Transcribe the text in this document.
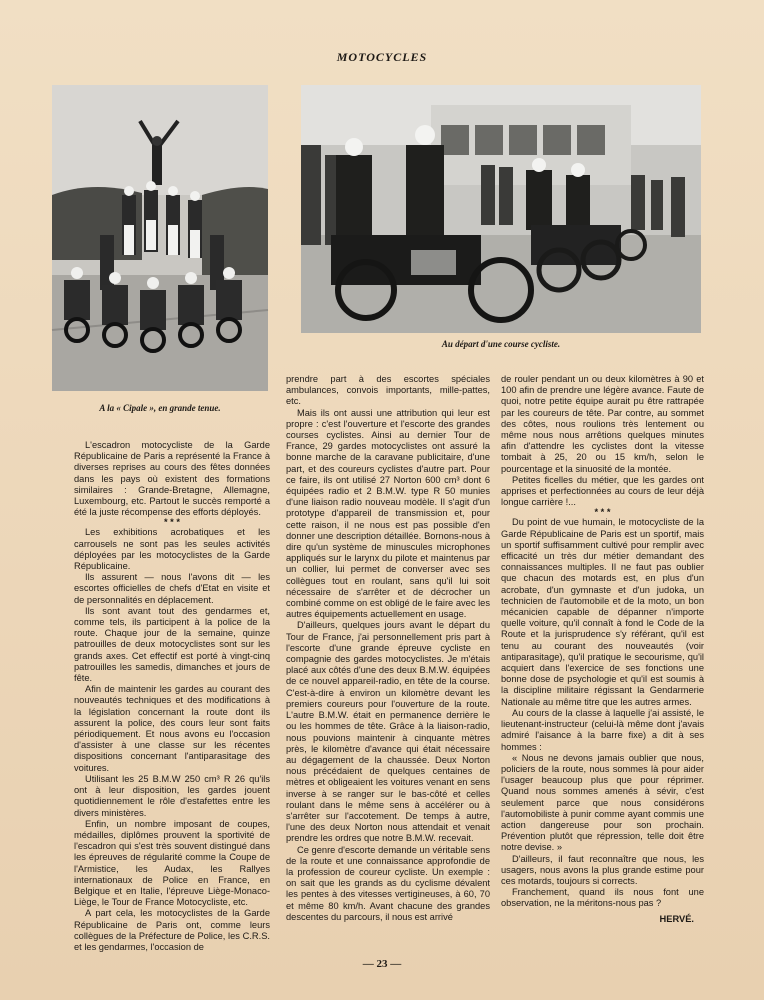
MOTOCYCLES
A la « Cipale », en grande tenue.
Au départ d'une course cycliste.

L'escadron motocycliste de la Garde Républicaine de Paris a représenté la France à diverses reprises au cours des fêtes données dans les pays où existent des formations similaires : Grande-Bretagne, Allemagne, Luxembourg, etc. Partout le succès remporté a été la juste récompense des efforts déployés.

* * *

Les exhibitions acrobatiques et les carrousels ne sont pas les seules activités déployées par les motocyclistes de la Garde Républicaine.

Ils assurent — nous l'avons dit — les escortes officielles de chefs d'Etat en visite et de personnalités en déplacement.

Ils sont avant tout des gendarmes et, comme tels, ils participent à la police de la route. Chaque jour de la semaine, quinze patrouilles de deux motocyclistes sont sur les grands axes. Cet effectif est porté à vingt-cinq patrouilles les samedis, dimanches et jours de fête.

Afin de maintenir les gardes au courant des nouveautés techniques et des modifications à la législation concernant la route dont ils assurent la police, des cours leur sont faits périodiquement. Et nous avons eu l'occasion d'assister à une classe sur les récentes dispositions concernant l'antiparasitage des voitures.

Utilisant les 25 B.M.W 250 cm³ R 26 qu'ils ont à leur disposition, les gardes jouent quotidiennement le rôle d'estafettes entre les divers ministères.

Enfin, un nombre imposant de coupes, médailles, diplômes prouvent la sportivité de l'escadron qui s'est très souvent distingué dans les épreuves de régularité comme la Coupe de l'Armistice, les Audax, les Rallyes internationaux de Police en France, en Belgique et en Italie, l'épreuve Liège-Monaco-Liège, le Tour de France Motocycliste, etc.

A part cela, les motocyclistes de la Garde Républicaine de Paris ont, comme leurs collègues de la Préfecture de Police, les C.R.S. et les gendarmes, l'occasion de

prendre part à des escortes spéciales ambulances, convois importants, mille-pattes, etc.

Mais ils ont aussi une attribution qui leur est propre : c'est l'ouverture et l'escorte des grandes courses cyclistes. Ainsi au dernier Tour de France, 29 gardes motocyclistes ont assuré la bonne marche de la caravane publicitaire, d'une part, et des coureurs cyclistes d'autre part. Pour ce faire, ils ont utilisé 27 Norton 600 cm³ dont 6 équipées radio et 2 B.M.W. type R 50 munies d'une liaison radio nouveau modèle. Il s'agit d'un prototype d'appareil de transmission et, pour cette raison, il ne nous est pas possible d'en donner une description détaillée. Bornons-nous à dire qu'un système de minuscules microphones appliqués sur le larynx du pilote et maintenus par un collier, lui permet de converser avec ses collègues tout en roulant, sans qu'il lui soit nécessaire de s'arrêter et de décrocher un combiné comme on est obligé de le faire avec les autres équipements actuellement en usage.

D'ailleurs, quelques jours avant le départ du Tour de France, j'ai personnellement pris part à l'escorte d'une grande épreuve cycliste en compagnie des gardes motocyclistes. Je m'étais placé aux côtés d'une des deux B.M.W. équipées de ce nouvel appareil-radio, en tête de la course. C'est-à-dire à environ un kilomètre devant les premiers coureurs pour l'ouverture de la route. L'autre B.M.W. était en permanence derrière le ou les hommes de tête. Grâce à la liaison-radio, nous pouvions maintenir à cinquante mètres près, le kilomètre d'avance qui était nécessaire au dégagement de la chaussée. Deux Norton nous précédaient de quelques centaines de mètres et obligeaient les voitures venant en sens inverse à se ranger sur le bas-côté et celles roulant dans le même sens à accélérer ou à s'arrêter sur l'accotement. De temps à autre, l'une des deux Norton nous attendait et venait prendre les ordres que notre B.M.W. recevait.

Ce genre d'escorte demande un véritable sens de la route et une connaissance approfondie de la profession de coureur cycliste. Un exemple : on sait que les grands as du cyclisme dévalent les pentes à des vitesses vertigineuses, à 60, 70 et même 80 km/h. Avant chacune des grandes descentes du parcours, il nous est arrivé

de rouler pendant un ou deux kilomètres à 90 et 100 afin de prendre une légère avance. Faute de quoi, notre petite équipe aurait pu être rattrapée par les coureurs de tête. Par contre, au sommet des côtes, nous roulions très lentement ou même nous nous arrêtions quelques minutes afin d'attendre les cyclistes dont la vitesse tombait à 25, 20 ou 15 km/h, selon le pourcentage et la sinuosité de la montée.

Petites ficelles du métier, que les gardes ont apprises et perfectionnées au cours de leur déjà longue carrière !...

* * *

Du point de vue humain, le motocycliste de la Garde Républicaine de Paris est un sportif, mais un sportif suffisamment cultivé pour remplir avec efficacité un très dur métier demandant des connaissances multiples. Il ne faut pas oublier que chacun des motards est, en plus d'un acrobate, d'un gymnaste et d'un judoka, un technicien de l'automobile et de la moto, un bon mécanicien capable de dépanner n'importe quelle voiture, qu'il connaît à fond le Code de la Route et la jurisprudence s'y référant, qu'il est tenu au courant des nouveautés (voir antiparasitage), qu'il pratique le secourisme, qu'il acquiert dans l'exercice de ses fonctions une bonne dose de psychologie et qu'il est soumis à la discipline militaire régissant la Gendarmerie Nationale au même titre que les autres armes.

Au cours de la classe à laquelle j'ai assisté, le lieutenant-instructeur (celui-là même dont j'avais admiré l'aisance à la barre fixe) a dit à ses hommes :

« Nous ne devons jamais oublier que nous, policiers de la route, nous sommes là pour aider l'usager beaucoup plus que pour réprimer. Quand nous sommes amenés à sévir, c'est seulement parce que nous considérons l'automobiliste à punir comme ayant commis une action dangereuse pour son prochain. Prévention plutôt que répression, telle doit être notre devise. »

D'ailleurs, il faut reconnaître que nous, les usagers, nous avons la plus grande estime pour ces motards, toujours si corrects.

Franchement, quand ils nous font une observation, ne la méritons-nous pas ?

HERVÉ.

— 23 —
